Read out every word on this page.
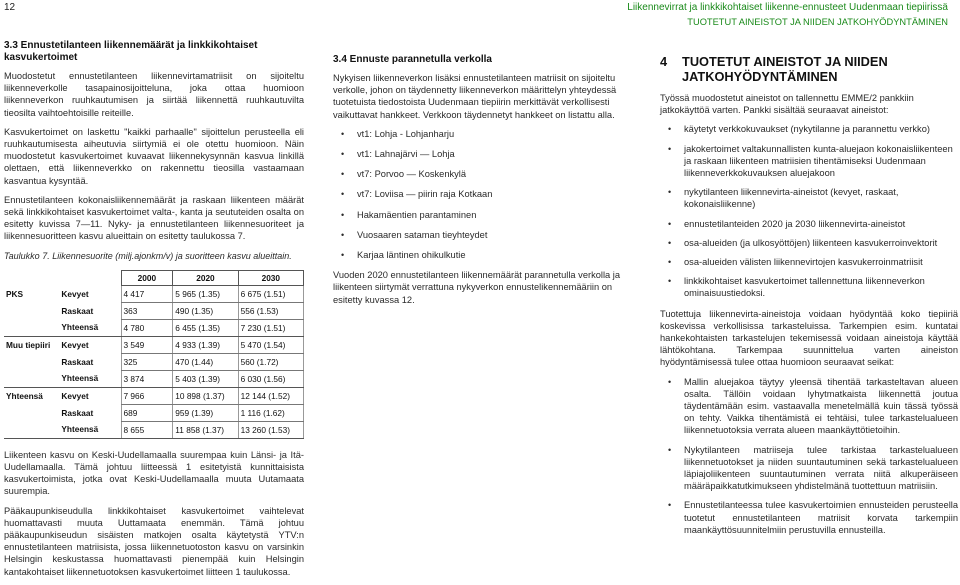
12	Liikennevirrat ja linkkikohtaiset liikenne-ennusteet Uudenmaan tiepiirissä
TUOTETUT AINEISTOT JA NIIDEN JATKOHYÖDYNTÄMINEN
3.3 Ennustetilanteen liikennemäärät ja linkkikohtaiset kasvukertoimet

Muodostetut ennustetilanteen liikennevirtamatriisit on sijoiteltu liikenneverkolle tasapainosijoitteluna, joka ottaa huomioon liikenneverkon ruuhkautumisen ja siirtää liikennettä ruuhkautuvilta tieosilta vaihtoehtoisille reiteille.

Kasvukertoimet on laskettu "kaikki parhaalle" sijoittelun perusteella eli ruuhkautumisesta aiheutuvia siirtymiä ei ole otettu huomioon. Näin muodostetut kasvukertoimet kuvaavat liikennekysynnän kasvua linkillä olettaen, että liikenneverkko on rakennettu tieosilla vastaamaan kasvantua kysyntää.

Ennustetilanteen kokonaisliikennemäärät ja raskaan liikenteen määrät sekä linkkikohtaiset kasvukertoimet valta-, kanta ja seututeiden osalta on esitetty kuvissa 7—11. Nyky- ja ennustetilanteen liikennesuoriteet ja liikennesuoritteen kasvu alueittain on esitetty taulukossa 7.

Taulukko 7. Liikennesuorite (milj.ajonkm/v) ja suoritteen kasvu alueittain.
		2000	2020	2030
PKS	Kevyet	4 417	5 965 (1.35)	6 675 (1.51)
	Raskaat	363	490 (1.35)	556 (1.53)
	Yhteensä	4 780	6 455 (1.35)	7 230 (1.51)
Muu tiepiiri	Kevyet	3 549	4 933 (1.39)	5 470 (1.54)
	Raskaat	325	470 (1.44)	560 (1.72)
	Yhteensä	3 874	5 403 (1.39)	6 030 (1.56)
Yhteensä	Kevyet	7 966	10 898 (1.37)	12 144 (1.52)
	Raskaat	689	959 (1.39)	1 116 (1.62)
	Yhteensä	8 655	11 858 (1.37)	13 260 (1.53)

Liikenteen kasvu on Keski-Uudellamaalla suurempaa kuin Länsi- ja Itä-Uudellamaalla. Tämä johtuu liitteessä 1 esitetyistä kunnittaisista kasvukertoimista, jotka ovat Keski-Uudellamaalla muuta Uutamaata suurempia.

Pääkaupunkiseudulla linkkikohtaiset kasvukertoimet vaihtelevat huomattavasti muuta Uuttamaata enemmän. Tämä johtuu pääkaupunkiseudun sisäisten matkojen osalta käytetystä YTV:n ennustetilanteen matriisista, jossa liikennetuotoston kasvu on varsinkin Helsingin keskustassa huomattavasti pienempää kuin Helsingin kantakohtaiset liikennetuotoksen kasvukertoimet liitteen 1 taulukossa.

3.4 Ennuste parannetulla verkolla

Nykyisen liikenneverkon lisäksi ennustetilanteen matriisit on sijoiteltu verkolle, johon on täydennetty liikenneverkon määrittelyn yhteydessä tuotetuista tiedostoista Uudenmaan tiepiirin merkittävät verkollisesti vaikuttavat hankkeet. Verkkoon täydennetyt hankkeet on listattu alla.

• vt1: Lohja - Lohjanharju
• vt1: Lahnajärvi — Lohja
• vt7: Porvoo — Koskenkylä
• vt7: Loviisa — piirin raja Kotkaan
• Hakamäentien parantaminen
• Vuosaaren sataman tieyhteydet
• Karjaa läntinen ohikulkutie

Vuoden 2020 ennustetilanteen liikennemäärät parannetulla verkolla ja liikenteen siirtymät verrattuna nykyverkon ennustelikennemääriin on esitetty kuvassa 12.

4 TUOTETUT AINEISTOT JA NIIDEN
JATKOHYÖDYNTÄMINEN

Työssä muodostetut aineistot on tallennettu EMME/2 pankkiin jatkokäyttöä varten. Pankki sisältää seuraavat aineistot:

• käytetyt verkkokuvaukset (nykytilanne ja parannettu verkko)
• jakokertoimet valtakunnallisten kunta-aluejaon kokonaisliikenteen ja raskaan liikenteen matriisien tihentämiseksi Uudenmaan liikenneverkkokuvauksen aluejakoon
• nykytilanteen liikennevirta-aineistot (kevyet, raskaat, kokonaisliikenne)
• ennustetilanteiden 2020 ja 2030 liikennevirta-aineistot
• osa-alueiden (ja ulkosyöttöjen) liikenteen kasvukerroinvektorit
• osa-alueiden välisten liikennevirtojen kasvukerroinmatriisit
• linkkikohtaiset kasvukertoimet tallennettuna liikenneverkon ominaisuustiedoksi.

Tuotettuja liikennevirta-aineistoja voidaan hyödyntää koko tiepiiriä koskevissa verkollisissa tarkasteluissa. Tarkempien esim. kuntatai hankekohtaisten tarkastelujen tekemisessä voidaan aineistoja käyttää lähtökohtana. Tarkempaa suunnittelua varten aineiston hyödyntämisessä tulee ottaa huomioon seuraavat seikat:

• Mallin aluejakoa täytyy yleensä tihentää tarkasteltavan alueen osalta. Tällöin voidaan lyhytmatkaista liikennettä joutua täydentämään esim. vastaavalla menetelmällä kuin tässä työssä on tehty. Vaikka tihentämistä ei tehtäisi, tulee tarkastelualueen liikennetuotoksia verrata alueen maankäyttötietoihin.
• Nykytilanteen matriiseja tulee tarkistaa tarkastelualueen liikennetuotokset ja niiden suuntautuminen sekä tarkastelualueen läpiajoliikenteen suuntautuminen verrata niitä alkuperäiseen määräpaikkatutkimukseen yhdistelmänä tuottettuun matriisiin.
• Ennustetilanteessa tulee kasvukertoimien ennusteiden perusteella tuotetut ennustetilanteen matriisit korvata tarkempiin maankäyttösuunnitelmiin perustuvilla ennusteilla.
